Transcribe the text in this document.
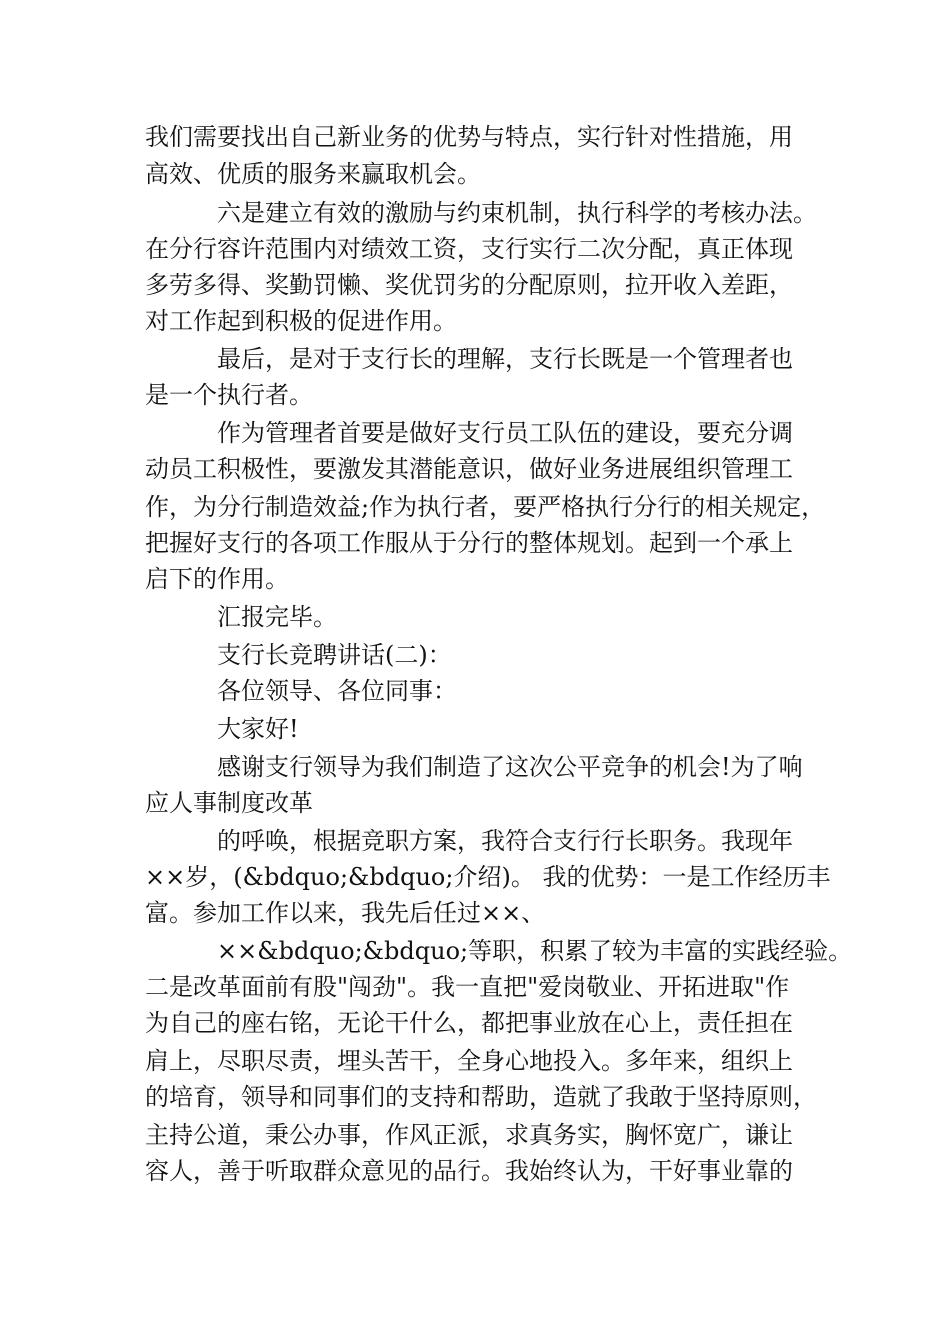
我们需要找出自己新业务的优势与特点，实行针对性措施，用
高效、优质的服务来赢取机会。
六是建立有效的激励与约束机制，执行科学的考核办法。
在分行容许范围内对绩效工资，支行实行二次分配，真正体现
多劳多得、奖勤罚懒、奖优罚劣的分配原则，拉开收入差距，
对工作起到积极的促进作用。
最后，是对于支行长的理解，支行长既是一个管理者也
是一个执行者。
作为管理者首要是做好支行员工队伍的建设，要充分调
动员工积极性，要激发其潜能意识，做好业务进展组织管理工
作，为分行制造效益;作为执行者，要严格执行分行的相关规定，
把握好支行的各项工作服从于分行的整体规划。起到一个承上
启下的作用。
汇报完毕。
支行长竞聘讲话(二)：
各位领导、各位同事：
大家好!
感谢支行领导为我们制造了这次公平竞争的机会!为了响
应人事制度改革
的呼唤，根据竞职方案，我符合支行行长职务。我现年
××岁，(&bdquo;&bdquo;介绍)。 我的优势：一是工作经历丰
富。参加工作以来，我先后任过××、
××&bdquo;&bdquo;等职，积累了较为丰富的实践经验。
二是改革面前有股"闯劲"。我一直把"爱岗敬业、开拓进取"作
为自己的座右铭，无论干什么，都把事业放在心上，责任担在
肩上，尽职尽责，埋头苦干，全身心地投入。多年来，组织上
的培育，领导和同事们的支持和帮助，造就了我敢于坚持原则，
主持公道，秉公办事，作风正派，求真务实，胸怀宽广，谦让
容人，善于听取群众意见的品行。我始终认为，干好事业靠的
